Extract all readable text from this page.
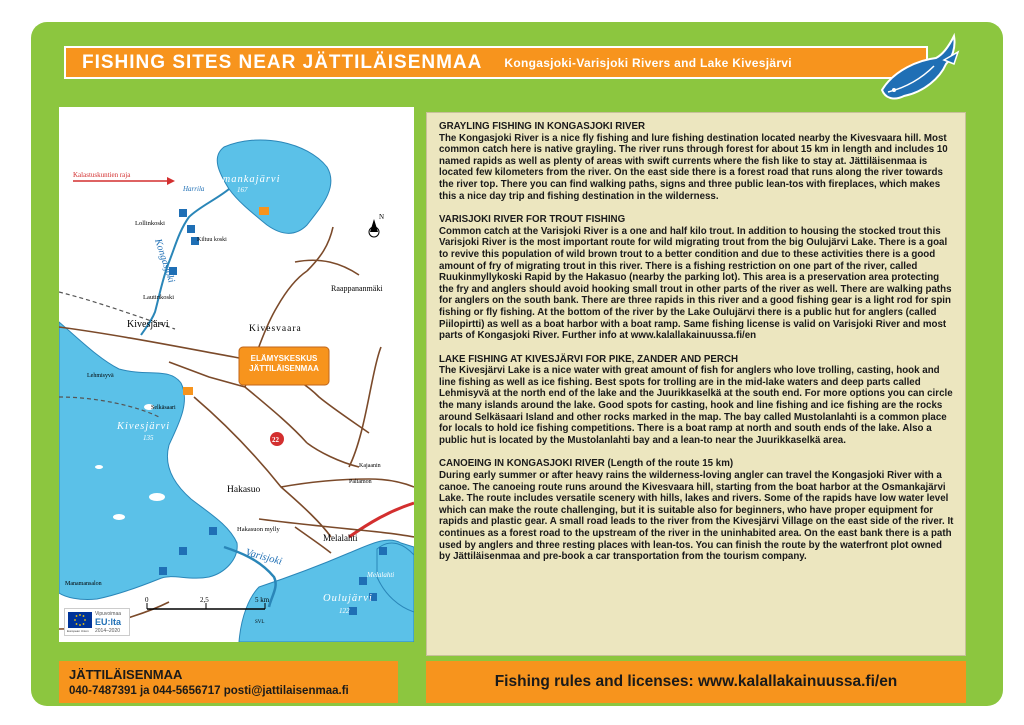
FISHING SITES NEAR JÄTTILÄISENMAA Kongasjoki-Varisjoki Rivers and Lake Kivesjärvi
Kalastuskuntien raja
Harrila
Osmankajärvi
167
Lollinkoski
Kiltuu koski
Kongasjoki
Lautinkoski
Raappananmäki
Kivesjärvi	Kivesvaara
Oulun
Lehmisyvä
Selkäsaari
Kivesjärvi
135
Hakasuo
Hakasuon mylly
Varisjoki
Melalahti
Melalahti
Oulujärvi
122
Kajaanin
Paltamon
Manamansalon
22
N
0	2,5	5 km
SVL
ELÄMYSKESKUS
JÄTTILÄISENMAA
European Union
Vipuvoimaa
EU:lta
2014–2020
GRAYLING FISHING IN KONGASJOKI RIVER

The Kongasjoki River is a nice fly fishing and lure fishing destination located nearby the Kivesvaara hill. Most common catch here is native grayling. The river runs through forest for about 15 km in length and includes 10 named rapids as well as plenty of areas with swift currents where the fish like to stay at. Jättiläisenmaa is located few kilometers from the river. On the east side there is a forest road that runs along the river towards the river top. There you can find walking paths, signs and three public lean-tos with fireplaces, which makes this a nice day trip and fishing destination in the wilderness.

VARISJOKI RIVER FOR TROUT FISHING

Common catch at the Varisjoki River is a one and half kilo trout. In addition to housing the stocked trout this Varisjoki River is the most important route for wild migrating trout from the big Oulujärvi Lake. There is a goal to revive this population of wild brown trout to a better condition and due to these activities there is a good amount of fry of migrating trout in this river. There is a fishing restriction on one part of the river, called Ruukinmyllykoski Rapid by the Hakasuo (nearby the parking lot). This area is a preservation area protecting the fry and anglers should avoid hooking small trout in other parts of the river as well. There are walking paths for anglers on the south bank. There are three rapids in this river and a good fishing gear is a light rod for spin fishing or fly fishing. At the bottom of the river by the Lake Oulujärvi there is a public hut for anglers (called Piilopirtti) as well as a boat harbor with a boat ramp. Same fishing license is valid on Varisjoki River and most parts of Kongasjoki River. Further info at www.kalallakainuussa.fi/en

LAKE FISHING AT KIVESJÄRVI FOR PIKE, ZANDER AND PERCH

The Kivesjärvi Lake is a nice water with great amount of fish for anglers who love trolling, casting, hook and line fishing as well as ice fishing. Best spots for trolling are in the mid-lake waters and deep parts called Lehmisyvä at the north end of the lake and the Juurikkaselkä at the south end. For more options you can circle the many islands around the lake. Good spots for casting, hook and line fishing and ice fishing are the rocks around Selkäsaari Island and other rocks marked in the map. The bay called Mustolanlahti is a common place for locals to hold ice fishing competitions. There is a boat ramp at north and south ends of the lake. Also a public hut is located by the Mustolanlahti bay and a lean-to near the Juurikkaselkä area.

CANOEING IN KONGASJOKI RIVER (Length of the route 15 km)

During early summer or after heavy rains the wilderness-loving angler can travel the Kongasjoki River with a canoe. The canoeing route runs around the Kivesvaara hill, starting from the boat harbor at the Osmankajärvi Lake. The route includes versatile scenery with hills, lakes and rivers. Some of the rapids have low water level which can make the route challenging, but it is suitable also for beginners, who have proper equipment for rapids and plastic gear. A small road leads to the river from the Kivesjärvi Village on the east side of the river. It continues as a forest road to the upstream of the river in the uninhabited area. On the east bank there is a path used by anglers and three resting places with lean-tos. You can finish the route by the waterfront plot owned by Jättiläisenmaa and pre-book a car transportation from the tourism company.

JÄTTILÄISENMAA
040-7487391 ja 044-5656717 posti@jattilaisenmaa.fi
Fishing rules and licenses: www.kalallakainuussa.fi/en
